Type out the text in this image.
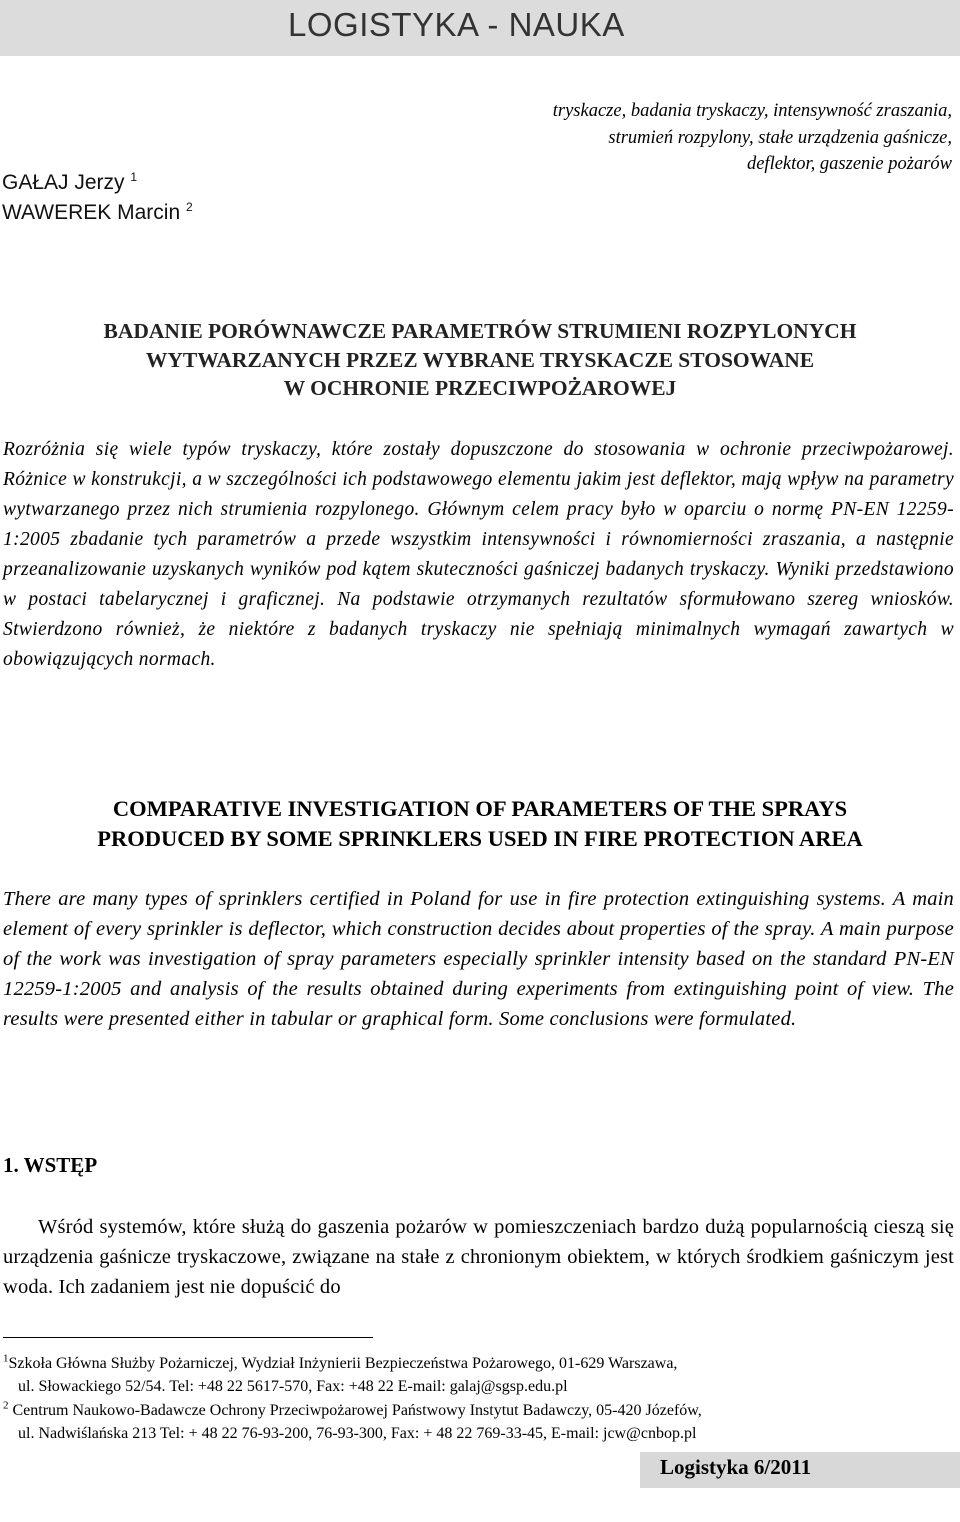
LOGISTYKA - NAUKA
tryskacze, badania tryskaczy, intensywność zraszania,
strumień rozpylony, stałe urządzenia gaśnicze,
deflektor, gaszenie pożarów
GAŁAJ Jerzy $^1$
WAWEREK Marcin $^2$
BADANIE PORÓWNAWCZE PARAMETRÓW STRUMIENI ROZPYLONYCH
WYTWARZANYCH PRZEZ WYBRANE TRYSKACZE STOSOWANE
W OCHRONIE PRZECIWPOŻAROWEJ

Rozróżnia się wiele typów tryskaczy, które zostały dopuszczone do stosowania w ochronie przeciwpożarowej. Różnice w konstrukcji, a w szczególności ich podstawowego elementu jakim jest deflektor, mają wpływ na parametry wytwarzanego przez nich strumienia rozpylonego. Głównym celem pracy było w oparciu o normę PN-EN 12259-1:2005 zbadanie tych parametrów a przede wszystkim intensywności i równomierności zraszania, a następnie przeanalizowanie uzyskanych wyników pod kątem skuteczności gaśniczej badanych tryskaczy. Wyniki przedstawiono w postaci tabelarycznej i graficznej. Na podstawie otrzymanych rezultatów sformułowano szereg wniosków. Stwierdzono również, że niektóre z badanych tryskaczy nie spełniają minimalnych wymagań zawartych w obowiązujących normach.

COMPARATIVE INVESTIGATION OF PARAMETERS OF THE SPRAYS
PRODUCED BY SOME SPRINKLERS USED IN FIRE PROTECTION AREA

There are many types of sprinklers certified in Poland for use in fire protection extinguishing systems. A main element of every sprinkler is deflector, which construction decides about properties of the spray. A main purpose of the work was investigation of spray parameters especially sprinkler intensity based on the standard PN-EN 12259-1:2005 and analysis of the results obtained during experiments from extinguishing point of view. The results were presented either in tabular or graphical form. Some conclusions were formulated.

1. WSTĘP

Wśród systemów, które służą do gaszenia pożarów w pomieszczeniach bardzo dużą popularnością cieszą się urządzenia gaśnicze tryskaczowe, związane na stałe z chronionym obiektem, w których środkiem gaśniczym jest woda. Ich zadaniem jest nie dopuścić do

$^1$Szkoła Główna Służby Pożarniczej, Wydział Inżynierii Bezpieczeństwa Pożarowego, 01-629 Warszawa,
ul. Słowackiego 52/54. Tel: +48 22 5617-570, Fax: +48 22 E-mail: galaj@sgsp.edu.pl
$^2$ Centrum Naukowo-Badawcze Ochrony Przeciwpożarowej Państwowy Instytut Badawczy, 05-420 Józefów,
ul. Nadwiślańska 213 Tel: + 48 22 76-93-200, 76-93-300, Fax: + 48 22 769-33-45, E-mail: jcw@cnbop.pl
Logistyka 6/2011
